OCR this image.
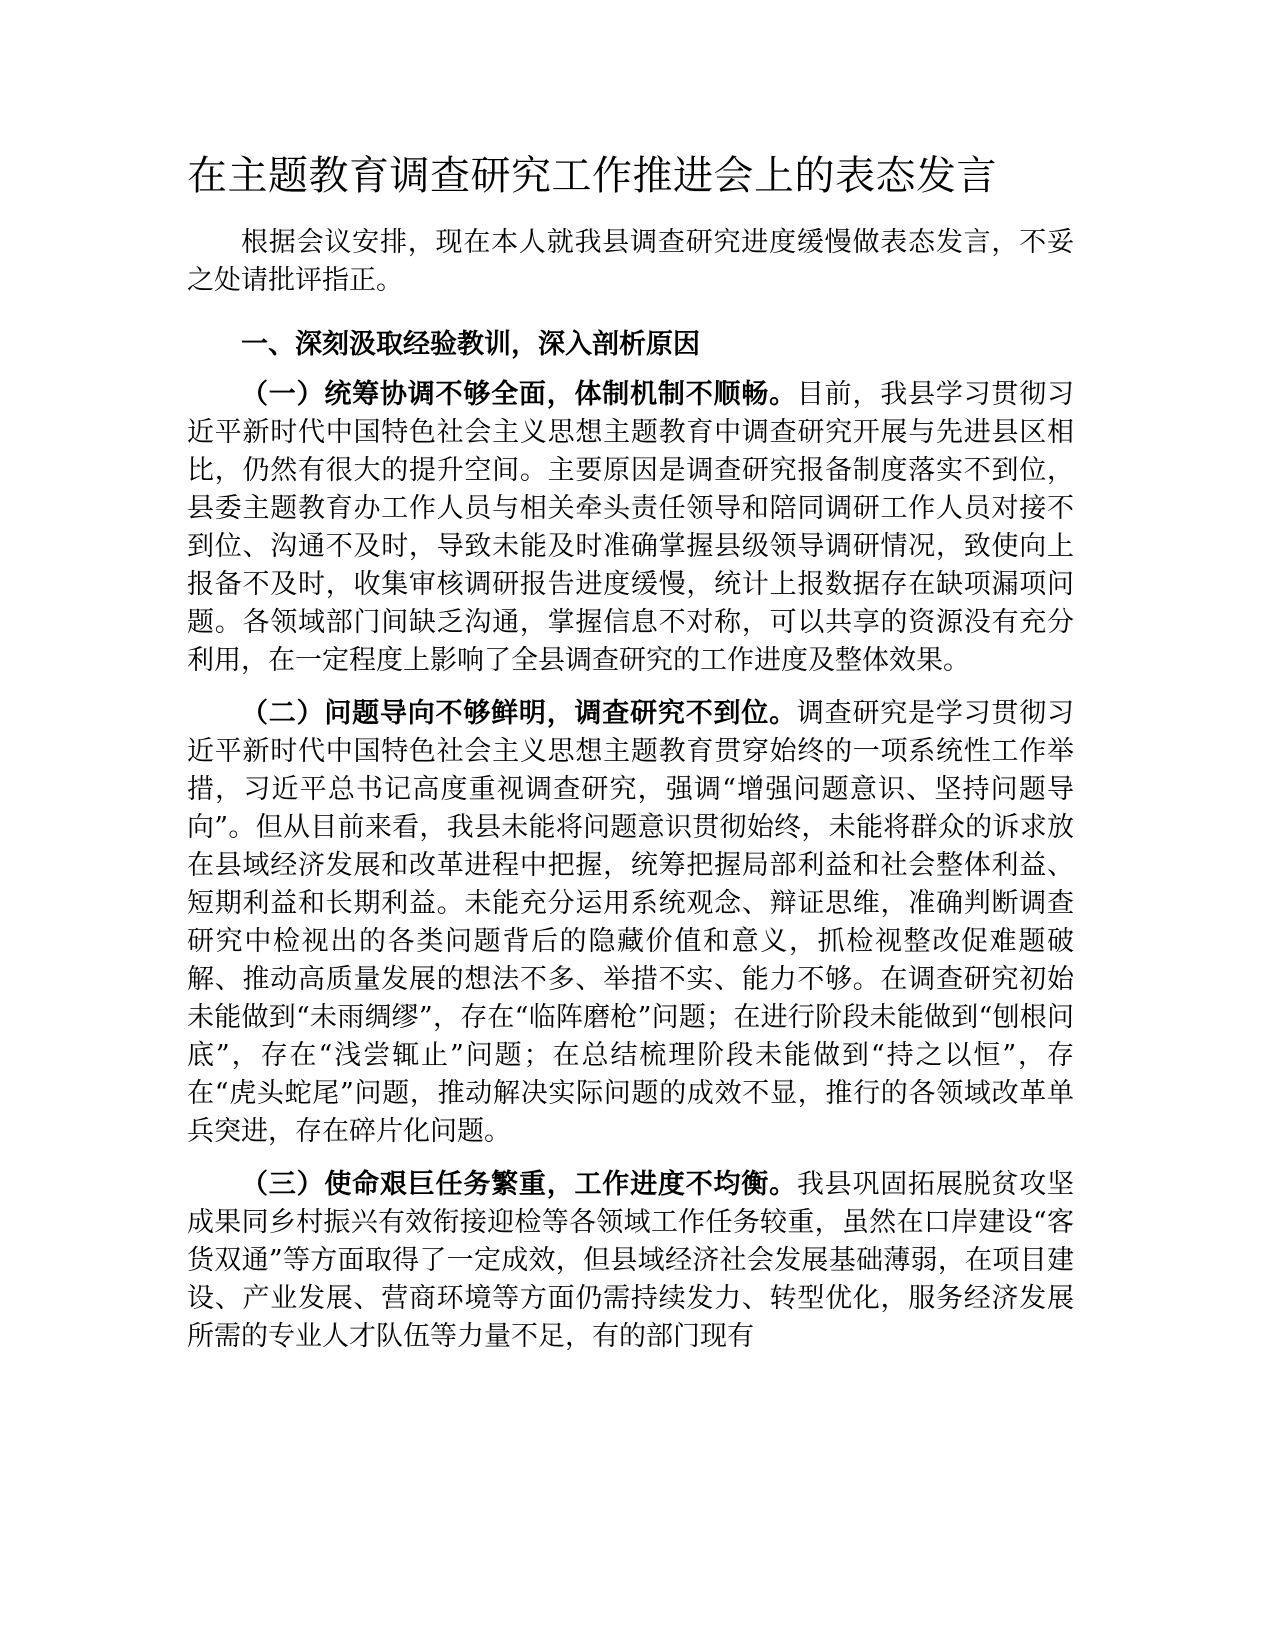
在主题教育调查研究工作推进会上的表态发言

根据会议安排，现在本人就我县调查研究进度缓慢做表态发言，不妥之处请批评指正。

一、深刻汲取经验教训，深入剖析原因

（一）统筹协调不够全面，体制机制不顺畅。目前，我县学习贯彻习近平新时代中国特色社会主义思想主题教育中调查研究开展与先进县区相比，仍然有很大的提升空间。主要原因是调查研究报备制度落实不到位，县委主题教育办工作人员与相关牵头责任领导和陪同调研工作人员对接不到位、沟通不及时，导致未能及时准确掌握县级领导调研情况，致使向上报备不及时，收集审核调研报告进度缓慢，统计上报数据存在缺项漏项问题。各领域部门间缺乏沟通，掌握信息不对称，可以共享的资源没有充分利用，在一定程度上影响了全县调查研究的工作进度及整体效果。

（二）问题导向不够鲜明，调查研究不到位。调查研究是学习贯彻习近平新时代中国特色社会主义思想主题教育贯穿始终的一项系统性工作举措，习近平总书记高度重视调查研究，强调“增强问题意识、坚持问题导向”。但从目前来看，我县未能将问题意识贯彻始终，未能将群众的诉求放在县域经济发展和改革进程中把握，统筹把握局部利益和社会整体利益、短期利益和长期利益。未能充分运用系统观念、辩证思维，准确判断调查研究中检视出的各类问题背后的隐藏价值和意义，抓检视整改促难题破解、推动高质量发展的想法不多、举措不实、能力不够。在调查研究初始未能做到“未雨绸缪”，存在“临阵磨枪”问题；在进行阶段未能做到“刨根问底”，存在“浅尝辄止”问题；在总结梳理阶段未能做到“持之以恒”，存在“虎头蛇尾”问题，推动解决实际问题的成效不显，推行的各领域改革单兵突进，存在碎片化问题。

（三）使命艰巨任务繁重，工作进度不均衡。我县巩固拓展脱贫攻坚成果同乡村振兴有效衔接迎检等各领域工作任务较重，虽然在口岸建设“客货双通”等方面取得了一定成效，但县域经济社会发展基础薄弱，在项目建设、产业发展、营商环境等方面仍需持续发力、转型优化，服务经济发展所需的专业人才队伍等力量不足，有的部门现有
